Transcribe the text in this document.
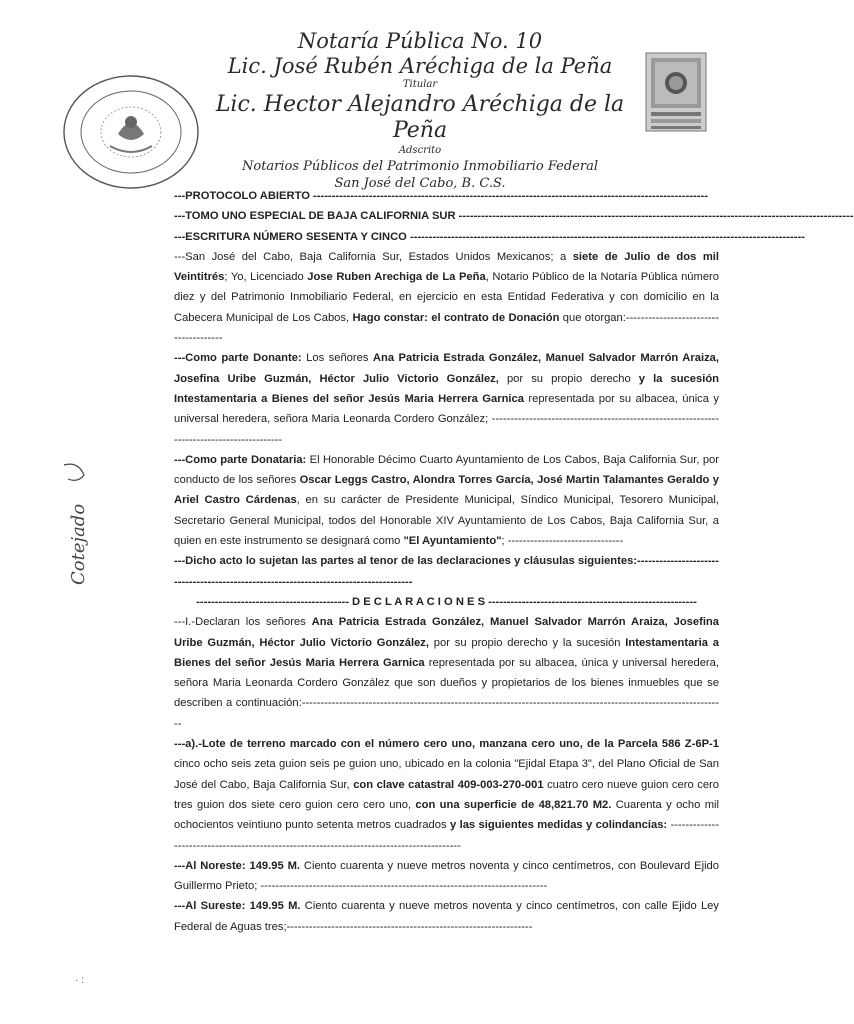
Notaría Pública No. 10
Lic. José Rubén Aréchiga de la Peña
Titular
Lic. Hector Alejandro Aréchiga de la Peña
Adscrito
Notarios Públicos del Patrimonio Inmobiliario Federal
San José del Cabo, B. C.S.
Cotejado
---PROTOCOLO ABIERTO ----------------------------------------------------------------------------------------------------------
---TOMO UNO ESPECIAL DE BAJA CALIFORNIA SUR ----------------------------------------------------------------------------------------------------------
---ESCRITURA NÚMERO SESENTA Y CINCO ----------------------------------------------------------------------------------------------------------
---San José del Cabo, Baja California Sur, Estados Unidos Mexicanos; a siete de Julio de dos mil Veintitrés; Yo, Licenciado Jose Ruben Arechiga de La Peña, Notario Público de la Notaría Pública número diez y del Patrimonio Inmobiliario Federal, en ejercicio en esta Entidad Federativa y con domicilio en la Cabecera Municipal de Los Cabos, Hago constar: el contrato de Donación que otorgan:--------------------------------------
---Como parte Donante: Los señores Ana Patricia Estrada González, Manuel Salvador Marrón Araiza, Josefina Uribe Guzmán, Héctor Julio Victorio González, por su propio derecho y la sucesión Intestamentaria a Bienes del señor Jesús Maria Herrera Garnica representada por su albacea, única y universal heredera, señora Maria Leonarda Cordero González; ------------------------------------------------------------------------------------------
---Como parte Donataria: El Honorable Décimo Cuarto Ayuntamiento de Los Cabos, Baja California Sur, por conducto de los señores Oscar Leggs Castro, Alondra Torres García, José Martin Talamantes Geraldo y Ariel Castro Cárdenas, en su carácter de Presidente Municipal, Síndico Municipal, Tesorero Municipal, Secretario General Municipal, todos del Honorable XIV Ayuntamiento de Los Cabos, Baja California Sur, a quien en este instrumento se designará como "El Ayuntamiento"; -------------------------------
---Dicho acto lo sujetan las partes al tenor de las declaraciones y cláusulas siguientes:--------------------------------------------------------------------------------------
----------------------------------------- D E C L A R A C I O N E S --------------------------------------------------------
---I.-Declaran los señores Ana Patricia Estrada González, Manuel Salvador Marrón Araiza, Josefina Uribe Guzmán, Héctor Julio Victorio González, por su propio derecho y la sucesión Intestamentaria a Bienes del señor Jesús Maria Herrera Garnica representada por su albacea, única y universal heredera, señora Maria Leonarda Cordero González que son dueños y propietarios de los bienes inmuebles que se describen a continuación:------------------------------------------------------------------------------------------------------------------
---a).-Lote de terreno marcado con el número cero uno, manzana cero uno, de la Parcela 586 Z-6P-1 cinco ocho seis zeta guion seis pe guion uno, ubicado en la colonia "Ejidal Etapa 3", del Plano Oficial de San José del Cabo, Baja California Sur, con clave catastral 409-003-270-001 cuatro cero nueve guion cero cero tres guion dos siete cero guion cero cero uno, con una superficie de 48,821.70 M2. Cuarenta y ocho mil ochocientos veintiuno punto setenta metros cuadrados y las siguientes medidas y colindancias: ------------------------------------------------------------------------------------------
---Al Noreste: 149.95 M. Ciento cuarenta y nueve metros noventa y cinco centímetros, con Boulevard Ejido Guillermo Prieto; -----------------------------------------------------------------------------
---Al Sureste: 149.95 M. Ciento cuarenta y nueve metros noventa y cinco centímetros, con calle Ejido Ley Federal de Aguas tres;------------------------------------------------------------------
· :
